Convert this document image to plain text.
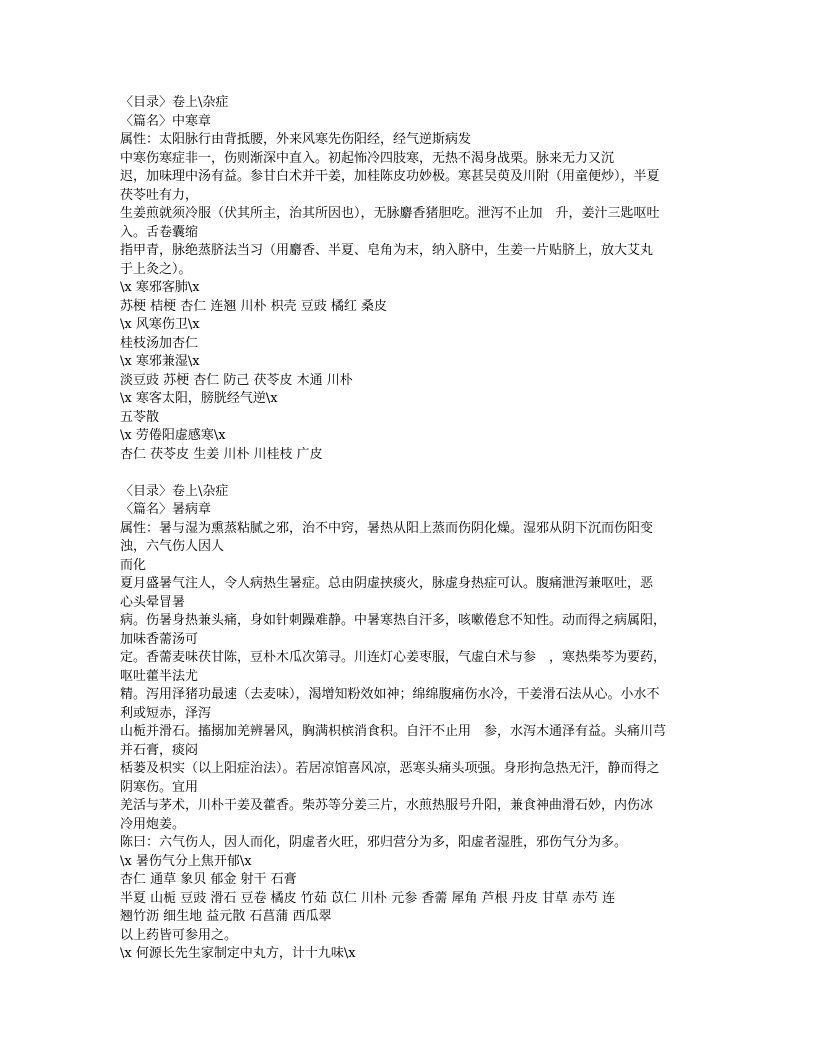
〈目录〉卷上\杂症

〈篇名〉中寒章

属性：太阳脉行由背抵腰，外来风寒先伤阳经，经气逆斯病发

中寒伤寒症非一，伤则渐深中直入。初起怖冷四肢寒，无热不渴身战栗。脉来无力又沉

迟，加味理中汤有益。参甘白术并干姜，加桂陈皮功妙极。寒甚吴萸及川附（用童便炒），半夏

茯苓吐有力，

生姜煎就须冷服（伏其所主，治其所因也），无脉麝香猪胆吃。泄泻不止加　升，姜汁三匙呕吐

入。舌卷囊缩

指甲青，脉绝蒸脐法当习（用麝香、半夏、皂角为末，纳入脐中，生姜一片贴脐上，放大艾丸

于上灸之）。

\x 寒邪客肺\x

苏梗 桔梗 杏仁 连翘 川朴 枳壳 豆豉 橘红 桑皮

\x 风寒伤卫\x

桂枝汤加杏仁

\x 寒邪兼湿\x

淡豆豉 苏梗 杏仁 防己 茯苓皮 木通 川朴

\x 寒客太阳，膀胱经气逆\x

五苓散

\x 劳倦阳虚感寒\x

杏仁 茯苓皮 生姜 川朴 川桂枝 广皮

〈目录〉卷上\杂症

〈篇名〉暑病章

属性：暑与湿为熏蒸粘腻之邪，治不中窍，暑热从阳上蒸而伤阴化燥。湿邪从阴下沉而伤阳变

浊，六气伤人因人

而化

夏月盛暑气注人，令人病热生暑症。总由阴虚挟痰火，脉虚身热症可认。腹痛泄泻兼呕吐，恶

心头晕冒暑

病。伤暑身热兼头痛，身如针刺躁难静。中暑寒热自汗多，咳嗽倦怠不知性。动而得之病属阳，

加味香薷汤可

定。香薷麦味茯甘陈，豆朴木瓜次第寻。川连灯心姜枣服，气虚白术与参　，寒热柴芩为要药，

呕吐藿半法尤

精。泻用泽猪功最速（去麦味），渴增知粉效如神；绵绵腹痛伤水冷，干姜滑石法从心。小水不

利或短赤，泽泻

山栀并滑石。搐搦加羌辨暑风，胸满枳槟消食积。自汗不止用　参，水泻木通泽有益。头痛川芎

并石膏，痰闷

栝蒌及枳实（以上阳症治法）。若居凉馆喜风凉，恶寒头痛头项强。身形拘急热无汗，静而得之

阴寒伤。宜用

羌活与茅术，川朴干姜及藿香。柴苏等分姜三片，水煎热服号升阳，兼食神曲滑石妙，内伤冰

冷用炮姜。

陈曰：六气伤人，因人而化，阴虚者火旺，邪归营分为多，阳虚者湿胜，邪伤气分为多。

\x 暑伤气分上焦开郁\x

杏仁 通草 象贝 郁金 射干 石膏

半夏 山栀 豆豉 滑石 豆卷 橘皮 竹茹 苡仁 川朴 元参 香薷 犀角 芦根 丹皮 甘草 赤芍 连

翘竹沥 细生地 益元散 石菖蒲 西瓜翠

以上药皆可参用之。

\x 何源长先生家制定中丸方，计十九味\x
